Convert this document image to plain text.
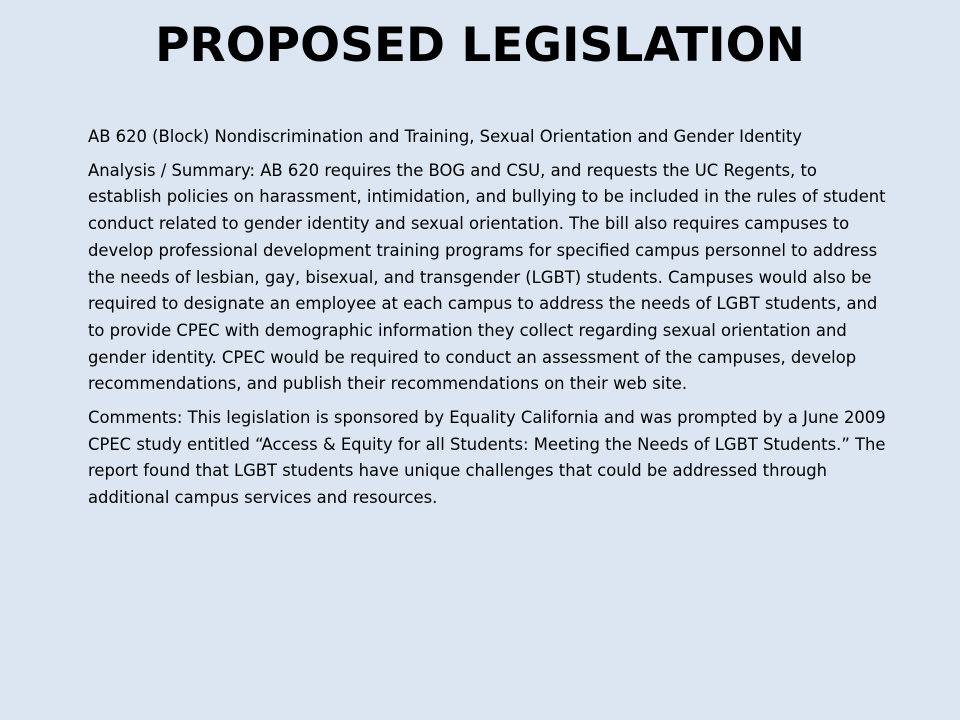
PROPOSED LEGISLATION

AB 620 (Block) Nondiscrimination and Training, Sexual Orientation and Gender Identity

Analysis / Summary: AB 620 requires the BOG and CSU, and requests the UC Regents, to establish policies on harassment, intimidation, and bullying to be included in the rules of student conduct related to gender identity and sexual orientation. The bill also requires campuses to develop professional development training programs for specified campus personnel to address the needs of lesbian, gay, bisexual, and transgender (LGBT) students. Campuses would also be required to designate an employee at each campus to address the needs of LGBT students, and to provide CPEC with demographic information they collect regarding sexual orientation and gender identity. CPEC would be required to conduct an assessment of the campuses, develop recommendations, and publish their recommendations on their web site.

Comments: This legislation is sponsored by Equality California and was prompted by a June 2009 CPEC study entitled “Access & Equity for all Students: Meeting the Needs of LGBT Students.” The report found that LGBT students have unique challenges that could be addressed through additional campus services and resources.
